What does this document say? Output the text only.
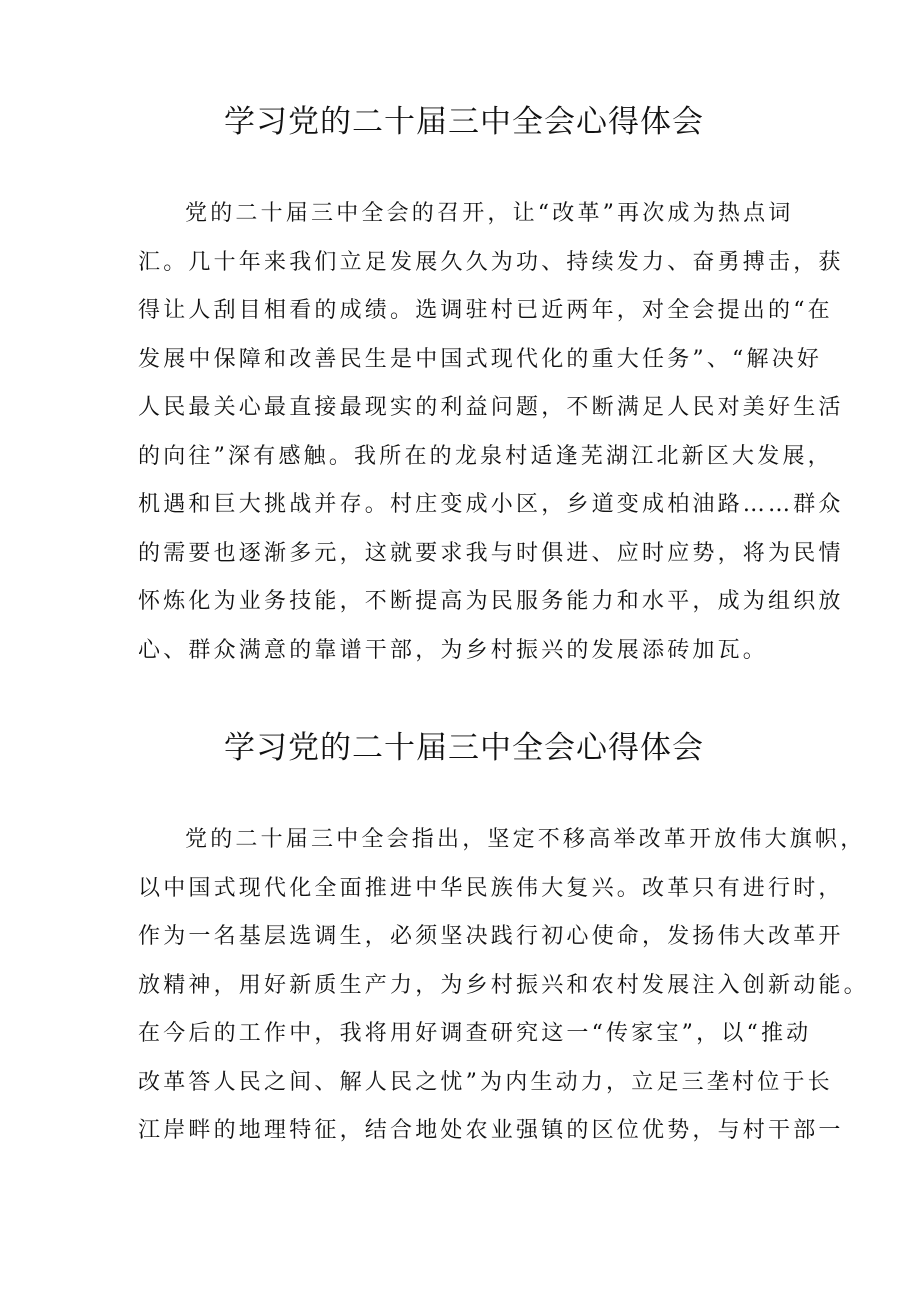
学习党的二十届三中全会心得体会
党的二十届三中全会的召开，让“改革”再次成为热点词
汇。几十年来我们立足发展久久为功、持续发力、奋勇搏击，获
得让人刮目相看的成绩。选调驻村已近两年，对全会提出的“在
发展中保障和改善民生是中国式现代化的重大任务”、“解决好
人民最关心最直接最现实的利益问题，不断满足人民对美好生活
的向往”深有感触。我所在的龙泉村适逢芜湖江北新区大发展，
机遇和巨大挑战并存。村庄变成小区，乡道变成柏油路……群众
的需要也逐渐多元，这就要求我与时俱进、应时应势，将为民情
怀炼化为业务技能，不断提高为民服务能力和水平，成为组织放
心、群众满意的靠谱干部，为乡村振兴的发展添砖加瓦。
学习党的二十届三中全会心得体会
党的二十届三中全会指出，坚定不移高举改革开放伟大旗帜，
以中国式现代化全面推进中华民族伟大复兴。改革只有进行时，
作为一名基层选调生，必须坚决践行初心使命，发扬伟大改革开
放精神，用好新质生产力，为乡村振兴和农村发展注入创新动能。
在今后的工作中，我将用好调查研究这一“传家宝”，以“推动
改革答人民之间、解人民之忧”为内生动力，立足三垄村位于长
江岸畔的地理特征，结合地处农业强镇的区位优势，与村干部一
